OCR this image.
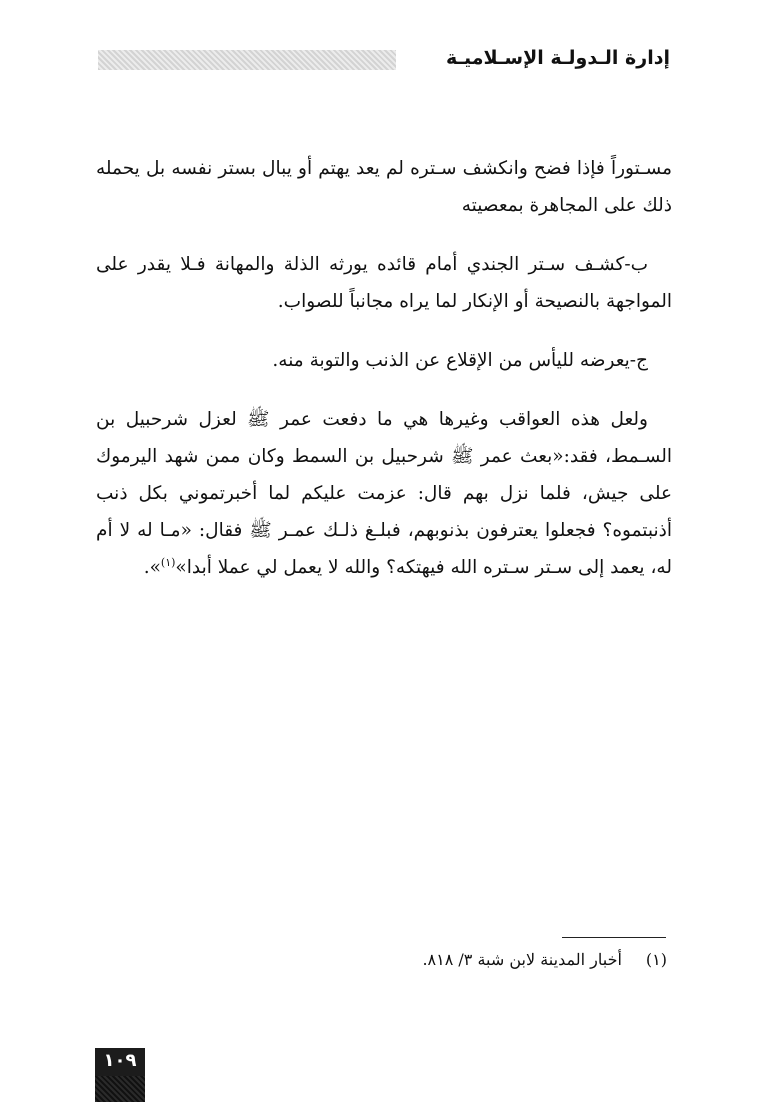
إدارة الـدولـة الإسـلاميـة

مسـتوراً فإذا فضح وانكشف سـتره لم يعد يهتم أو يبال بستر نفسه بل يحمله ذلك على المجاهرة بمعصيته

ب-كشـف سـتر الجندي أمام قائده يورثه الذلة والمهانة فـلا يقدر على المواجهة بالنصيحة أو الإنكار لما يراه مجانباً للصواب.

ج-يعرضه لليأس من الإقلاع عن الذنب والتوبة منه.

ولعل هذه العواقب وغيرها هي ما دفعت عمر ﷺ لعزل شرحبيل بن السـمط، فقد:«بعث عمر ﷺ شرحبيل بن السمط وكان ممن شهد اليرموك على جيش، فلما نزل بهم قال: عزمت عليكم لما أخبرتموني بكل ذنب أذنبتموه؟ فجعلوا يعترفون بذنوبهم، فبلـغ ذلـك عمـر ﷺ فقال: «مـا له لا أم له، يعمد إلى سـتر سـتره الله فيهتكه؟ والله لا يعمل لي عملا أبدا»$^{(١)}$».

(١)أخبار المدينة لابن شبة ٣/ ٨١٨.
١٠٩
